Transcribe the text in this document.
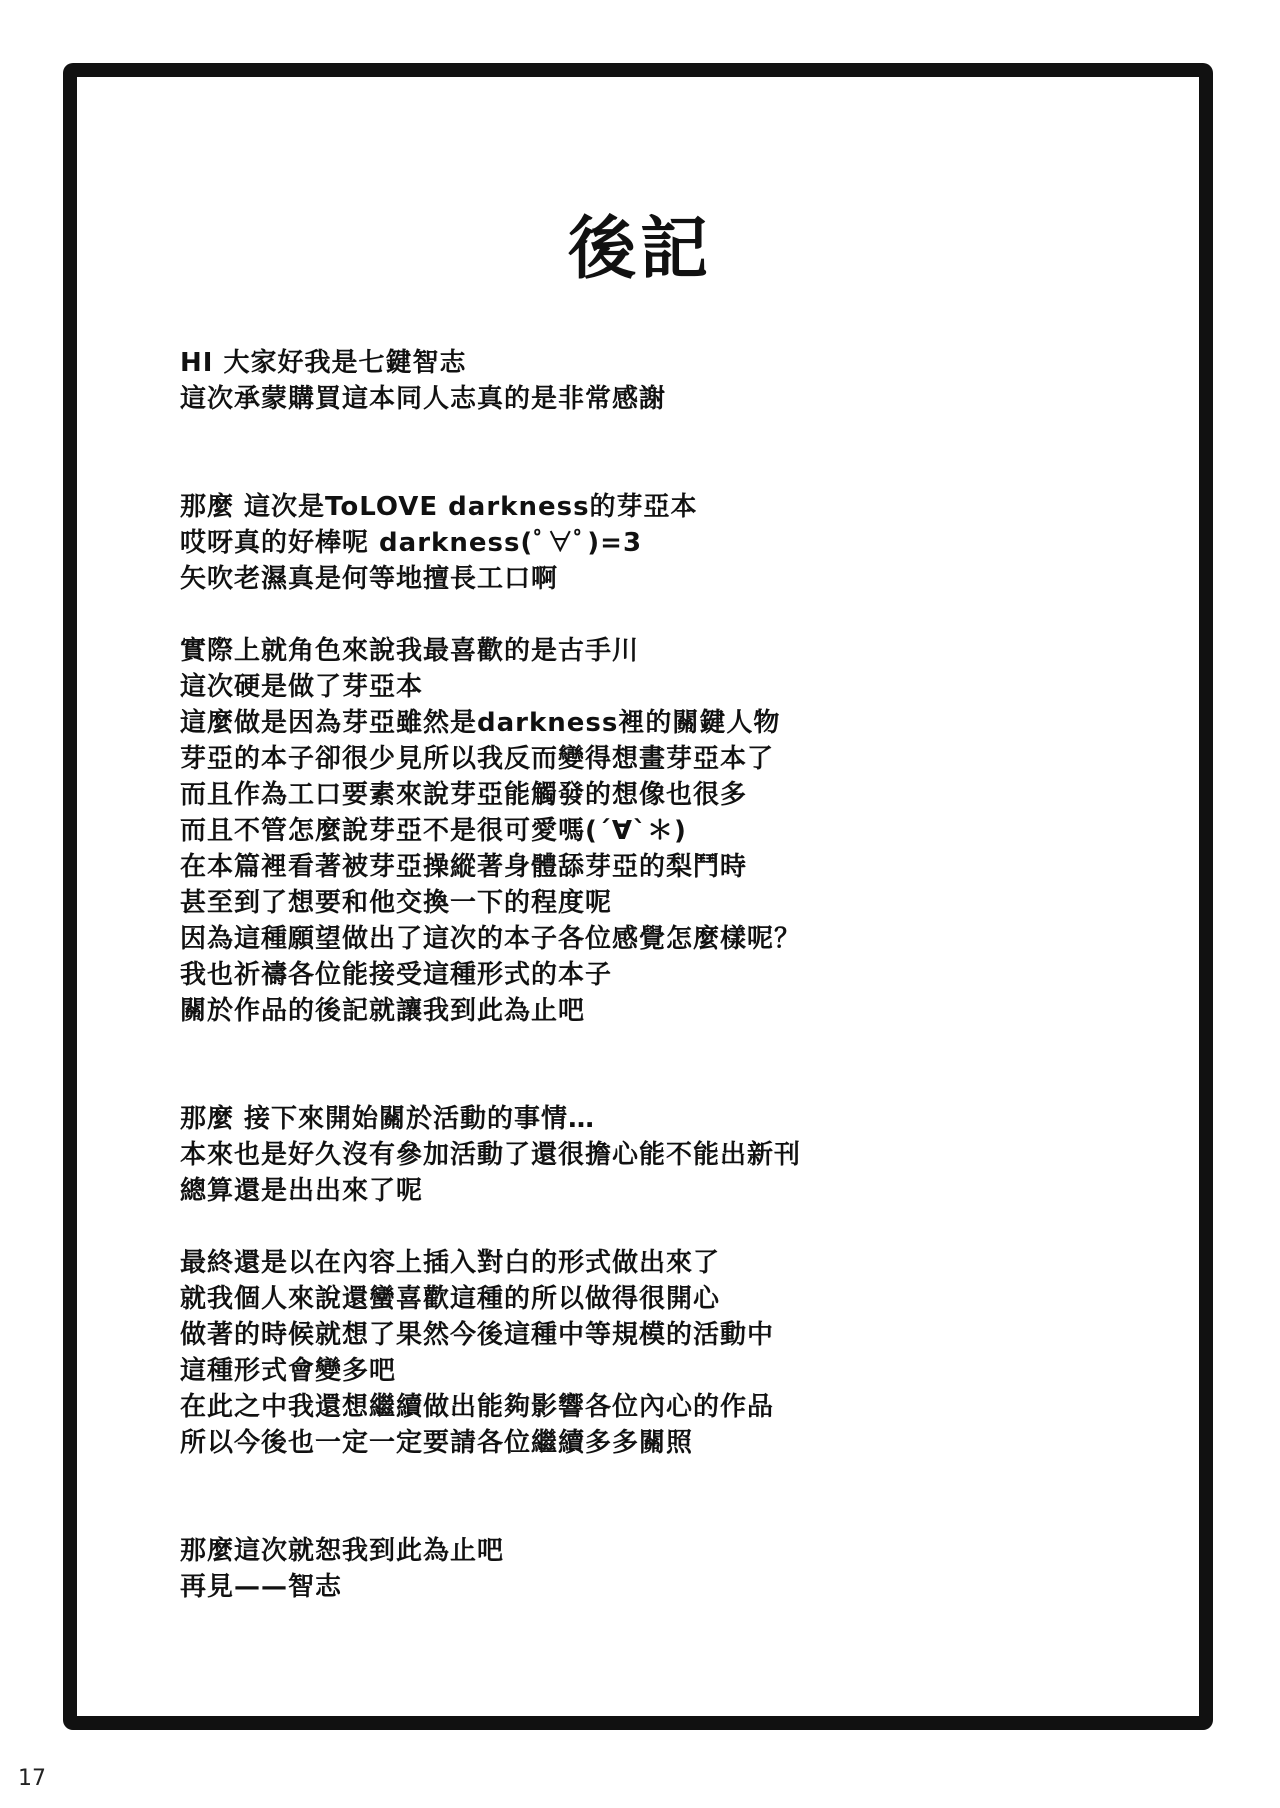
後記
HI 大家好我是七鍵智志
這次承蒙購買這本同人志真的是非常感謝
那麼 這次是ToLOVE darkness的芽亞本
哎呀真的好棒呢 darkness(ﾟ∀ﾟ)=3
矢吹老濕真是何等地擅長工口啊
實際上就角色來說我最喜歡的是古手川
這次硬是做了芽亞本
這麼做是因為芽亞雖然是darkness裡的關鍵人物
芽亞的本子卻很少見所以我反而變得想畫芽亞本了
而且作為工口要素來說芽亞能觸發的想像也很多
而且不管怎麼說芽亞不是很可愛嗎(´∀`＊)
在本篇裡看著被芽亞操縱著身體舔芽亞的梨鬥時
甚至到了想要和他交換一下的程度呢
因為這種願望做出了這次的本子各位感覺怎麼樣呢？
我也祈禱各位能接受這種形式的本子
關於作品的後記就讓我到此為止吧
那麼 接下來開始關於活動的事情…
本來也是好久沒有參加活動了還很擔心能不能出新刊
總算還是出出來了呢
最終還是以在內容上插入對白的形式做出來了
就我個人來說還蠻喜歡這種的所以做得很開心
做著的時候就想了果然今後這種中等規模的活動中
這種形式會變多吧
在此之中我還想繼續做出能夠影響各位內心的作品
所以今後也一定一定要請各位繼續多多關照
那麼這次就恕我到此為止吧
再見——智志
17
